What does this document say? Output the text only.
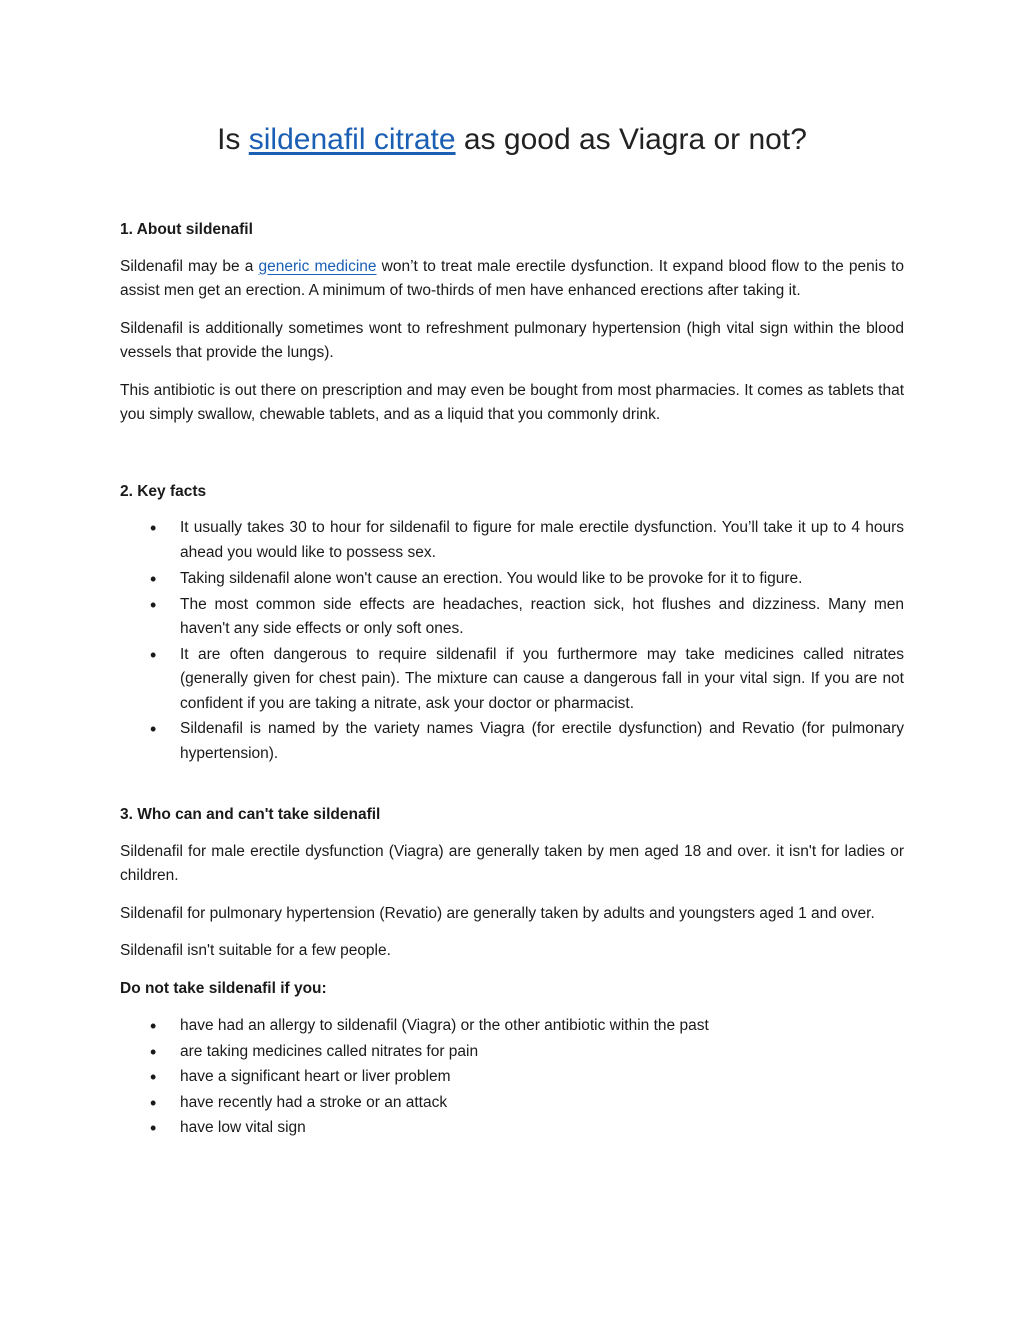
Is sildenafil citrate as good as Viagra or not?
1. About sildenafil

Sildenafil may be a generic medicine won’t to treat male erectile dysfunction. It expand blood flow to the penis to assist men get an erection. A minimum of two-thirds of men have enhanced erections after taking it.

Sildenafil is additionally sometimes wont to refreshment pulmonary hypertension (high vital sign within the blood vessels that provide the lungs).

This antibiotic is out there on prescription and may even be bought from most pharmacies. It comes as tablets that you simply swallow, chewable tablets, and as a liquid that you commonly drink.

2. Key facts
• It usually takes 30 to hour for sildenafil to figure for male erectile dysfunction. You’ll take it up to 4 hours ahead you would like to possess sex.
• Taking sildenafil alone won't cause an erection. You would like to be provoke for it to figure.
• The most common side effects are headaches, reaction sick, hot flushes and dizziness. Many men haven't any side effects or only soft ones.
• It are often dangerous to require sildenafil if you furthermore may take medicines called nitrates (generally given for chest pain). The mixture can cause a dangerous fall in your vital sign. If you are not confident if you are taking a nitrate, ask your doctor or pharmacist.
• Sildenafil is named by the variety names Viagra (for erectile dysfunction) and Revatio (for pulmonary hypertension).
3. Who can and can't take sildenafil

Sildenafil for male erectile dysfunction (Viagra) are generally taken by men aged 18 and over. it isn't for ladies or children.

Sildenafil for pulmonary hypertension (Revatio) are generally taken by adults and youngsters aged 1 and over.

Sildenafil isn't suitable for a few people.

Do not take sildenafil if you:
• have had an allergy to sildenafil (Viagra) or the other antibiotic within the past
• are taking medicines called nitrates for pain
• have a significant heart or liver problem
• have recently had a stroke or an attack
• have low vital sign
